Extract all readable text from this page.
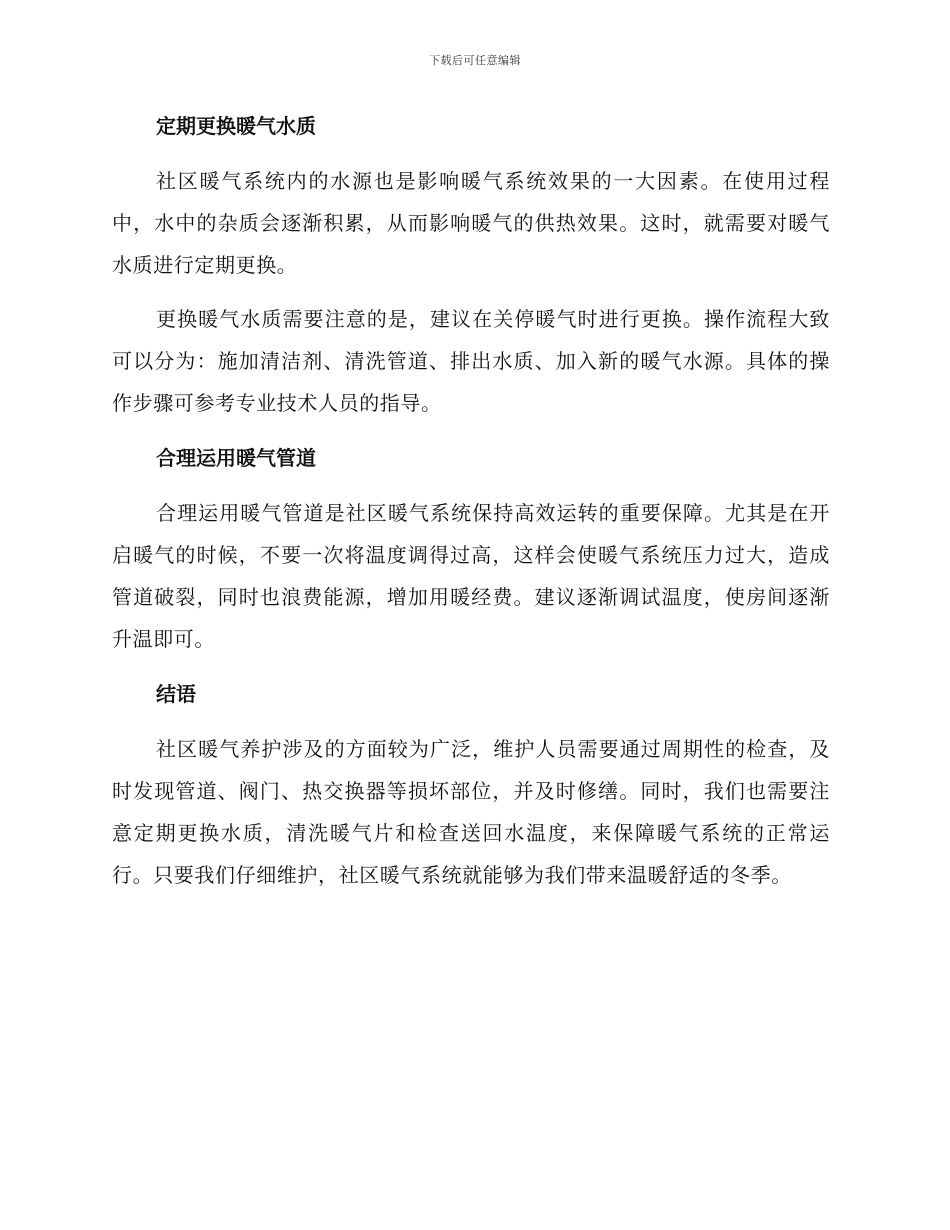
下载后可任意编辑
定期更换暖气水质

社区暖气系统内的水源也是影响暖气系统效果的一大因素。在使用过程中，水中的杂质会逐渐积累，从而影响暖气的供热效果。这时，就需要对暖气水质进行定期更换。

更换暖气水质需要注意的是，建议在关停暖气时进行更换。操作流程大致可以分为：施加清洁剂、清洗管道、排出水质、加入新的暖气水源。具体的操作步骤可参考专业技术人员的指导。

合理运用暖气管道

合理运用暖气管道是社区暖气系统保持高效运转的重要保障。尤其是在开启暖气的时候，不要一次将温度调得过高，这样会使暖气系统压力过大，造成管道破裂，同时也浪费能源，增加用暖经费。建议逐渐调试温度，使房间逐渐升温即可。

结语

社区暖气养护涉及的方面较为广泛，维护人员需要通过周期性的检查，及时发现管道、阀门、热交换器等损坏部位，并及时修缮。同时，我们也需要注意定期更换水质，清洗暖气片和检查送回水温度，来保障暖气系统的正常运行。只要我们仔细维护，社区暖气系统就能够为我们带来温暖舒适的冬季。
